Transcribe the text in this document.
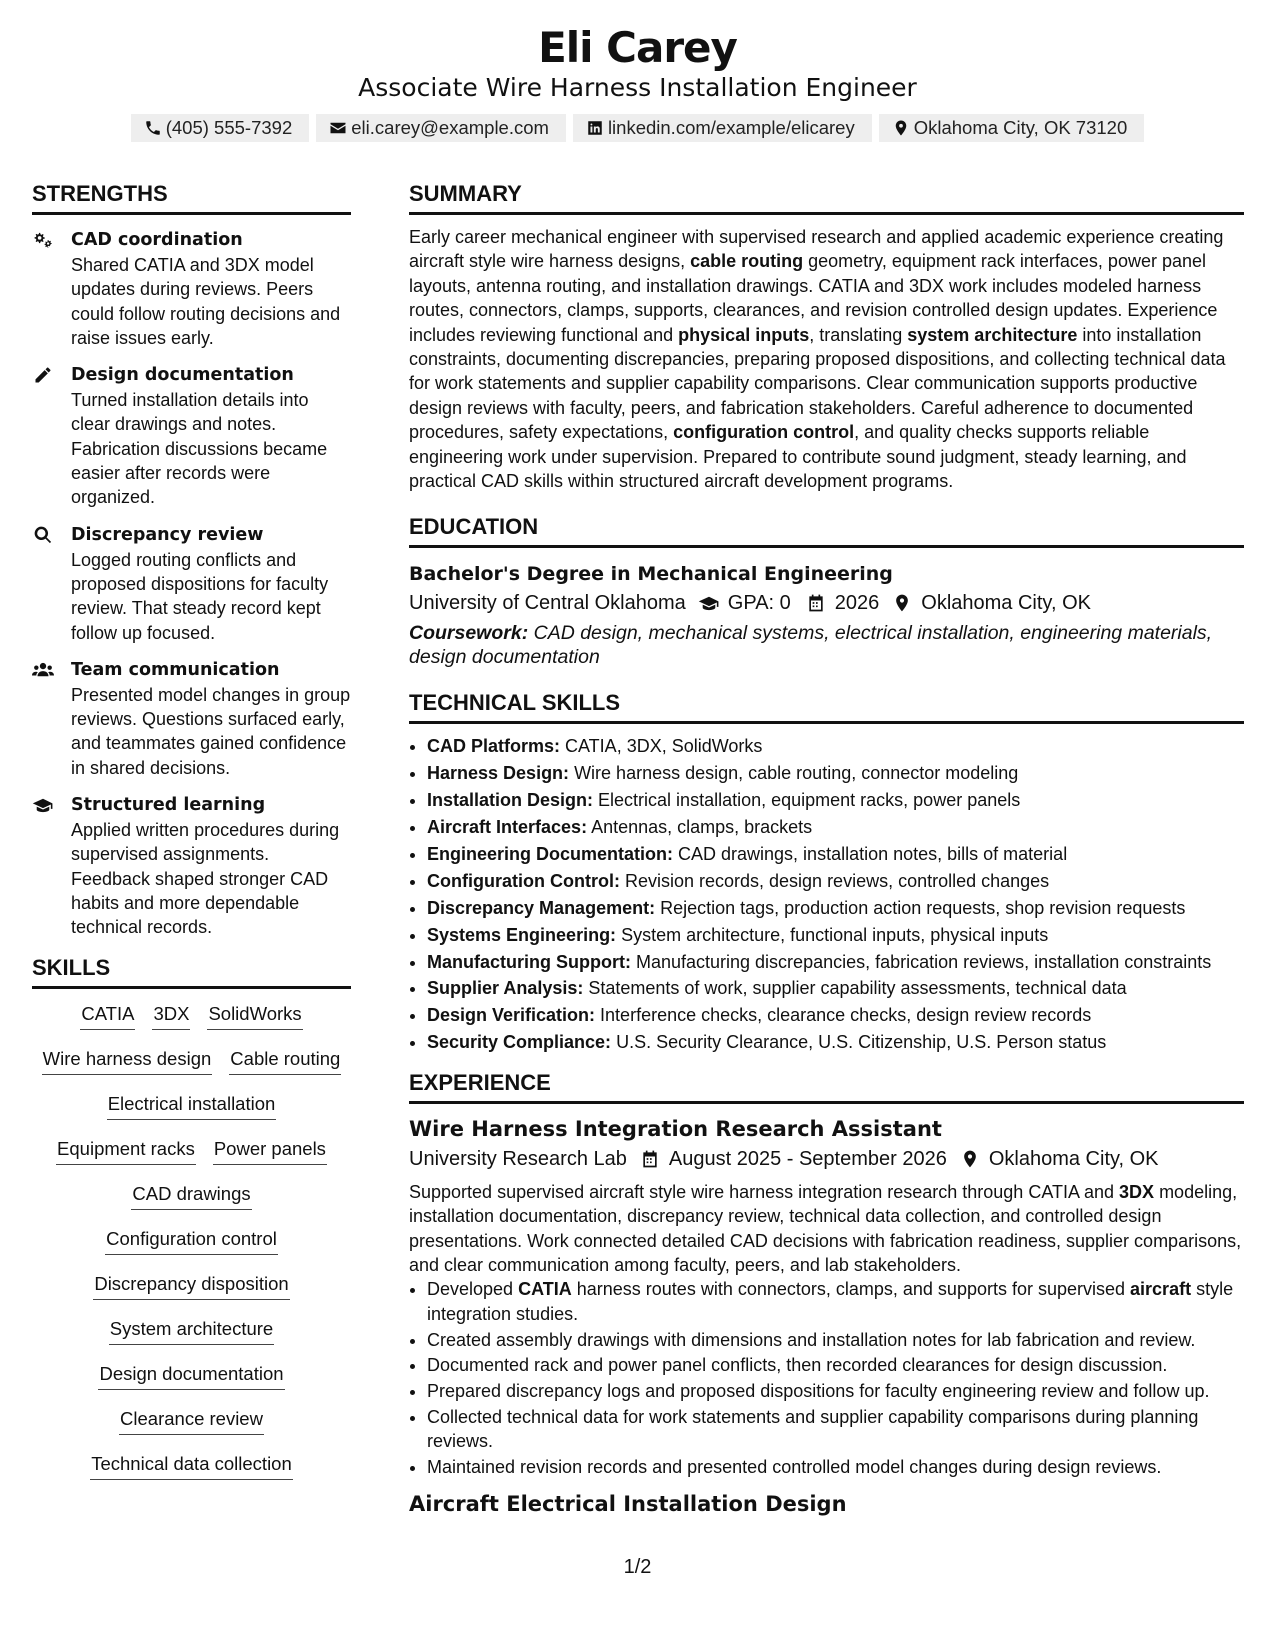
Eli Carey
Associate Wire Harness Installation Engineer
(405) 555-7392	eli.carey@example.com	linkedin.com/example/elicarey	Oklahoma City, OK 73120
STRENGTHS
CAD coordination
Shared CATIA and 3DX model updates during reviews. Peers could follow routing decisions and raise issues early.
Design documentation
Turned installation details into clear drawings and notes. Fabrication discussions became easier after records were organized.
Discrepancy review
Logged routing conflicts and proposed dispositions for faculty review. That steady record kept follow up focused.
Team communication
Presented model changes in group reviews. Questions surfaced early, and teammates gained confidence in shared decisions.
Structured learning
Applied written procedures during supervised assignments. Feedback shaped stronger CAD habits and more dependable technical records.
SKILLS
CATIA 3DX SolidWorks
Wire harness design Cable routing
Electrical installation
Equipment racks Power panels
CAD drawings
Configuration control
Discrepancy disposition
System architecture
Design documentation
Clearance review
Technical data collection
SUMMARY
Early career mechanical engineer with supervised research and applied academic experience creating aircraft style wire harness designs, cable routing geometry, equipment rack interfaces, power panel layouts, antenna routing, and installation drawings. CATIA and 3DX work includes modeled harness routes, connectors, clamps, supports, clearances, and revision controlled design updates. Experience includes reviewing functional and physical inputs, translating system architecture into installation constraints, documenting discrepancies, preparing proposed dispositions, and collecting technical data for work statements and supplier capability comparisons. Clear communication supports productive design reviews with faculty, peers, and fabrication stakeholders. Careful adherence to documented procedures, safety expectations, configuration control, and quality checks supports reliable engineering work under supervision. Prepared to contribute sound judgment, steady learning, and practical CAD skills within structured aircraft development programs.
EDUCATION
Bachelor's Degree in Mechanical Engineering
University of Central Oklahoma GPA: 0 2026 Oklahoma City, OK
Coursework: CAD design, mechanical systems, electrical installation, engineering materials, design documentation
TECHNICAL SKILLS
• CAD Platforms: CATIA, 3DX, SolidWorks
• Harness Design: Wire harness design, cable routing, connector modeling
• Installation Design: Electrical installation, equipment racks, power panels
• Aircraft Interfaces: Antennas, clamps, brackets
• Engineering Documentation: CAD drawings, installation notes, bills of material
• Configuration Control: Revision records, design reviews, controlled changes
• Discrepancy Management: Rejection tags, production action requests, shop revision requests
• Systems Engineering: System architecture, functional inputs, physical inputs
• Manufacturing Support: Manufacturing discrepancies, fabrication reviews, installation constraints
• Supplier Analysis: Statements of work, supplier capability assessments, technical data
• Design Verification: Interference checks, clearance checks, design review records
• Security Compliance: U.S. Security Clearance, U.S. Citizenship, U.S. Person status
EXPERIENCE
Wire Harness Integration Research Assistant
University Research Lab August 2025 - September 2026 Oklahoma City, OK
Supported supervised aircraft style wire harness integration research through CATIA and 3DX modeling, installation documentation, discrepancy review, technical data collection, and controlled design presentations. Work connected detailed CAD decisions with fabrication readiness, supplier comparisons, and clear communication among faculty, peers, and lab stakeholders.
• Developed CATIA harness routes with connectors, clamps, and supports for supervised aircraft style integration studies.
• Created assembly drawings with dimensions and installation notes for lab fabrication and review.
• Documented rack and power panel conflicts, then recorded clearances for design discussion.
• Prepared discrepancy logs and proposed dispositions for faculty engineering review and follow up.
• Collected technical data for work statements and supplier capability comparisons during planning reviews.
• Maintained revision records and presented controlled model changes during design reviews.
Aircraft Electrical Installation Design
1/2
